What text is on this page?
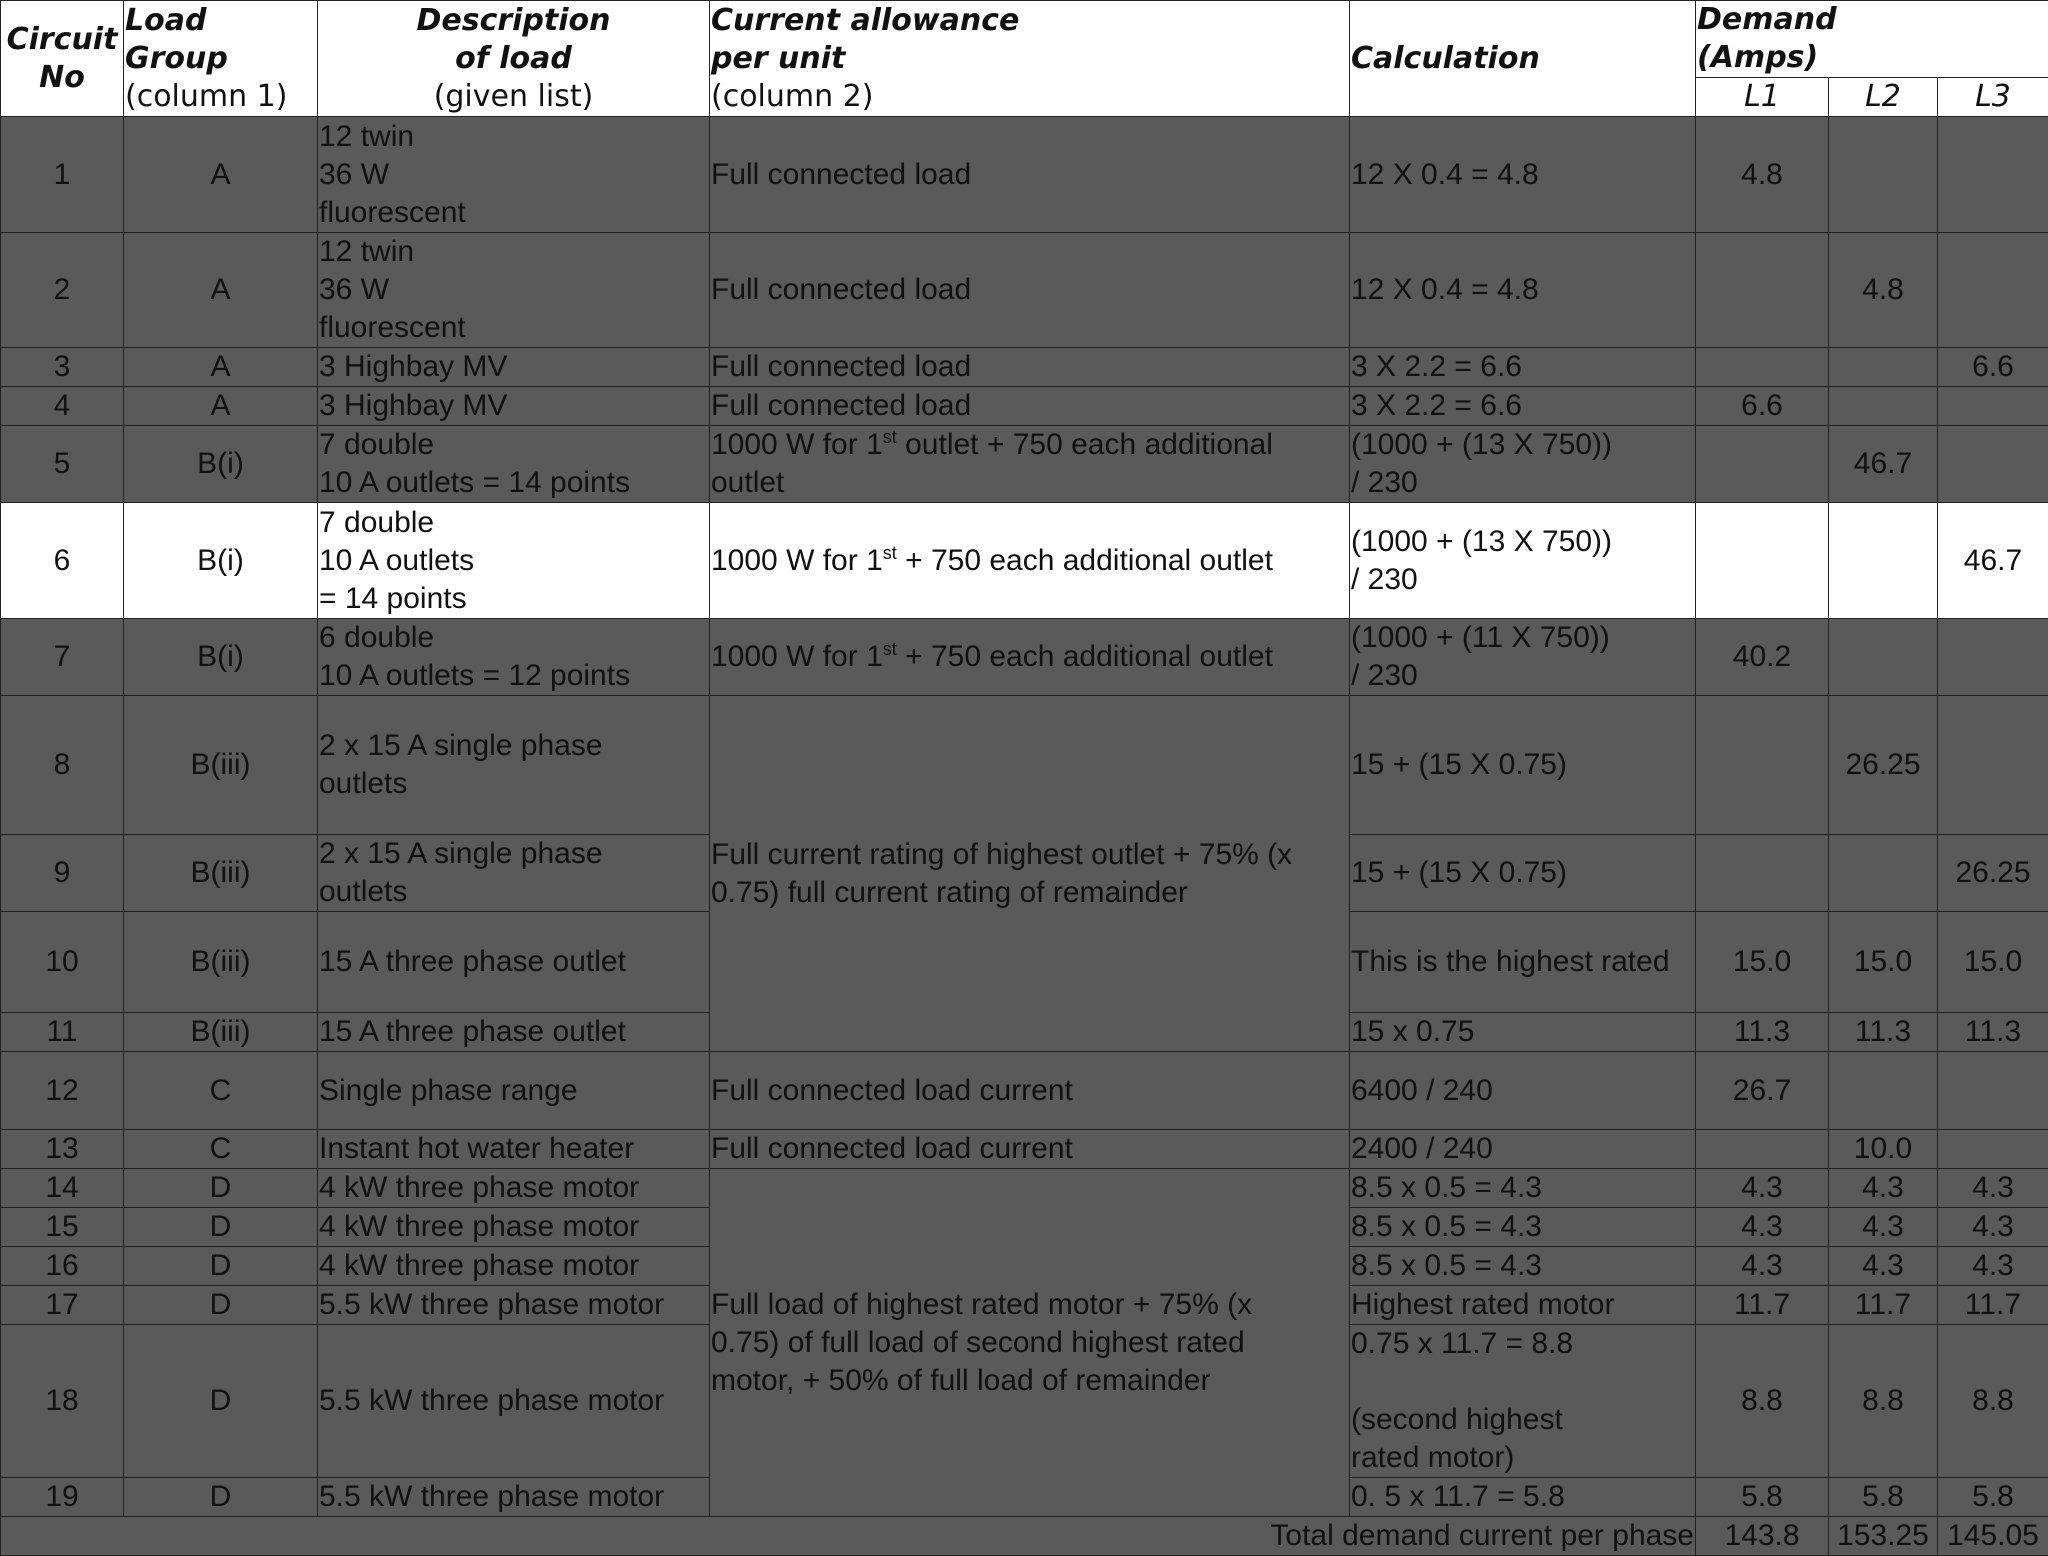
Circuit
No	Load Group
(column 1)	Description
of load
(given list)	Current allowance
per unit
(column 2)	Calculation	Demand
(Amps)		

					L1	L2	L3
1	A	12 twin
36 W
fluorescent	Full connected load	12 X 0.4 = 4.8	4.8		
2	A	12 twin
36 W
fluorescent	Full connected load	12 X 0.4 = 4.8		4.8	
3	A	3 Highbay MV	Full connected load	3 X 2.2 = 6.6			6.6
4	A	3 Highbay MV	Full connected load	3 X 2.2 = 6.6	6.6		
5	B(i)	7 double
10 A outlets = 14 points	1000 W for 1st outlet + 750 each additional
outlet	(1000 + (13 X 750))
/ 230		46.7	
6	B(i)	7 double
10 A outlets
= 14 points	1000 W for 1st + 750 each additional outlet	(1000 + (13 X 750))
/ 230			46.7
7	B(i)	6 double
10 A outlets = 12 points	1000 W for 1st + 750 each additional outlet	(1000 + (11 X 750))
/ 230	40.2		
8	B(iii)	2 x 15 A single phase
outlets	Full current rating of highest outlet + 75% (x
0.75) full current rating of remainder	15 + (15 X 0.75)		26.25	
9	B(iii)	2 x 15 A single phase
outlets		15 + (15 X 0.75)			26.25
10	B(iii)	15 A three phase outlet		This is the highest rated	15.0	15.0	15.0
11	B(iii)	15 A three phase outlet		15 x 0.75	11.3	11.3	11.3
12	C	Single phase range	Full connected load current	6400 / 240	26.7		
13	C	Instant hot water heater	Full connected load current	2400 / 240		10.0	
14	D	4 kW three phase motor	Full load of highest rated motor + 75% (x
0.75) of full load of second highest rated
motor, + 50% of full load of remainder	8.5 x 0.5 = 4.3	4.3	4.3	4.3
15	D	4 kW three phase motor		8.5 x 0.5 = 4.3	4.3	4.3	4.3
16	D	4 kW three phase motor		8.5 x 0.5 = 4.3	4.3	4.3	4.3
17	D	5.5 kW three phase motor		Highest rated motor	11.7	11.7	11.7
18	D	5.5 kW three phase motor		0.75 x 11.7 = 8.8

(second highest
rated motor)	8.8	8.8	8.8
19	D	5.5 kW three phase motor		0. 5 x 11.7 = 5.8	5.8	5.8	5.8
Total demand current per phase					143.8	153.25	145.05
